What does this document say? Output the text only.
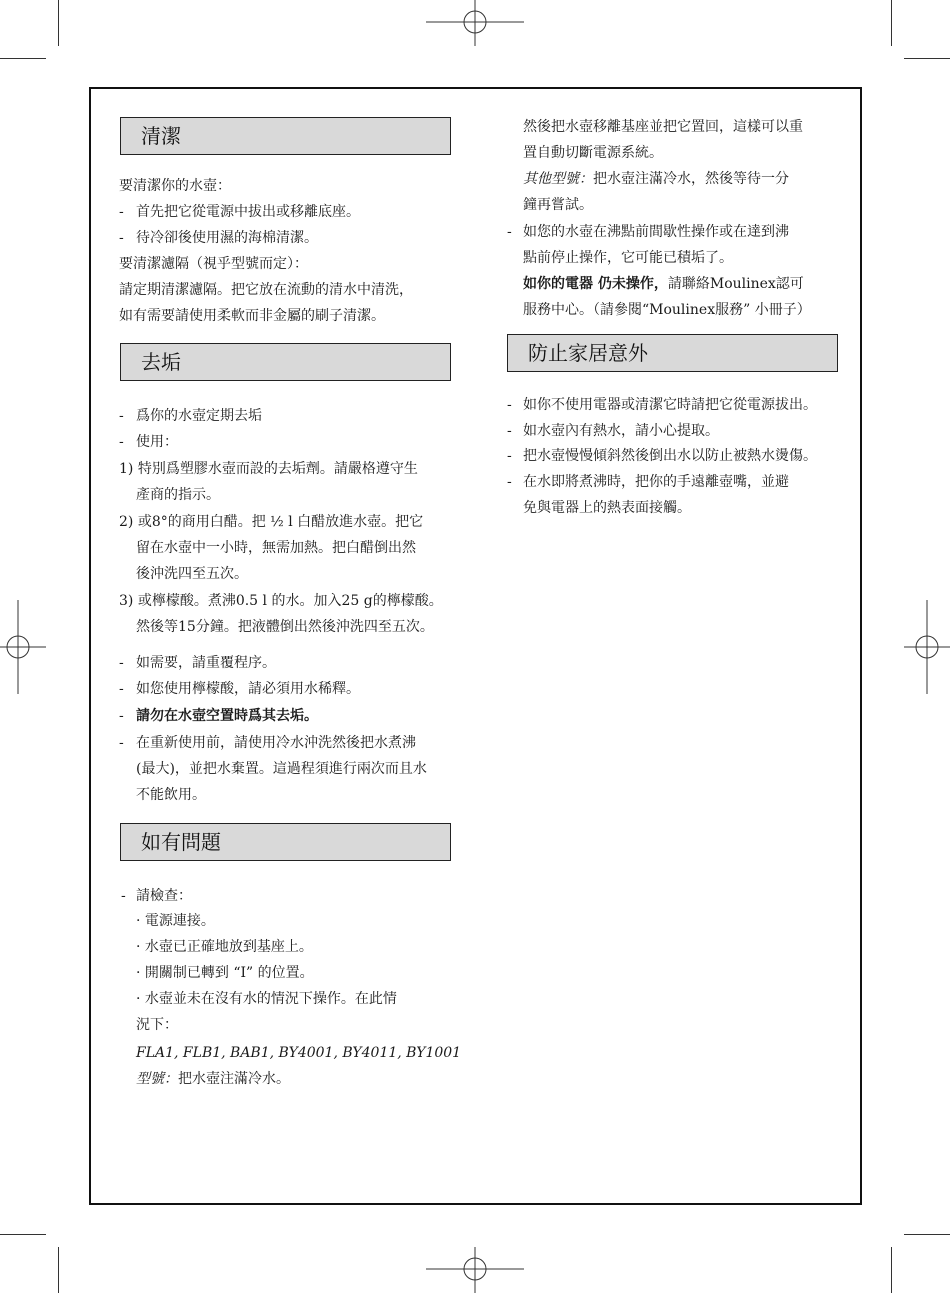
清潔
要清潔你的水壺：
- 首先把它從電源中拔出或移離底座。
- 待冷卻後使用濕的海棉清潔。
要清潔濾隔（視乎型號而定）：
請定期清潔濾隔。把它放在流動的清水中清洗，
如有需要請使用柔軟而非金屬的刷子清潔。
去垢
- 爲你的水壺定期去垢
- 使用：
1) 特別爲塑膠水壺而設的去垢劑。請嚴格遵守生
產商的指示。
2) 或8°的商用白醋。把 ½ l 白醋放進水壺。把它
留在水壺中一小時，無需加熱。把白醋倒出然
後沖洗四至五次。
3) 或檸檬酸。煮沸0.5 l 的水。加入25 g的檸檬酸。
然後等15分鐘。把液體倒出然後沖洗四至五次。
- 如需要，請重覆程序。
- 如您使用檸檬酸，請必須用水稀釋。
- 請勿在水壺空置時爲其去垢。
- 在重新使用前，請使用冷水沖洗然後把水煮沸
(最大)，並把水棄置。這過程須進行兩次而且水
不能飲用。
如有問題
- 請檢查：
· 電源連接。
· 水壺已正確地放到基座上。
· 開關制已轉到 “I” 的位置。
· 水壺並未在沒有水的情況下操作。在此情
況下：
FLA1, FLB1, BAB1, BY4001, BY4011, BY1001
型號：把水壺注滿冷水。
然後把水壺移離基座並把它置回，這樣可以重
置自動切斷電源系統。
其他型號：把水壺注滿冷水，然後等待一分
鐘再嘗試。
- 如您的水壺在沸點前間歇性操作或在達到沸
點前停止操作，它可能已積垢了。
如你的電器 仍未操作，請聯絡Moulinex認可
服務中心。（請參閱“Moulinex服務” 小冊子）
防止家居意外
- 如你不使用電器或清潔它時請把它從電源拔出。
- 如水壺內有熱水，請小心提取。
- 把水壺慢慢傾斜然後倒出水以防止被熱水燙傷。
- 在水即將煮沸時，把你的手遠離壺嘴，並避
免與電器上的熱表面接觸。
